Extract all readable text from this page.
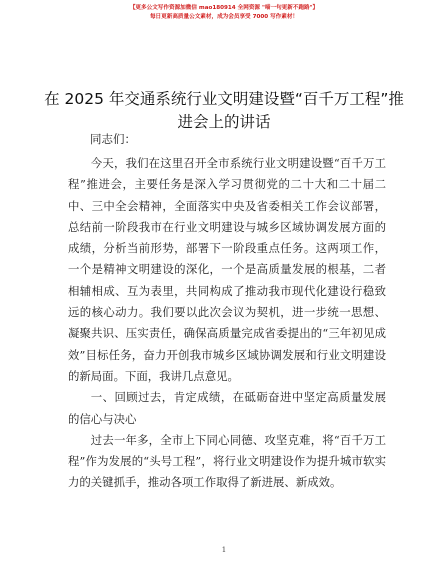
【更多公文写作资源加微信 mao180914 全网资源 "喵一句更新不跑路"】
每日更新高质量公文素材，成为会员享受 7000 写作素材！
在 2025 年交通系统行业文明建设暨“百千万工程”推进会上的讲话
同志们：

今天，我们在这里召开全市系统行业文明建设暨“百千万工程”推进会，主要任务是深入学习贯彻党的二十大和二十届二中、三中全会精神，全面落实中央及省委相关工作会议部署，总结前一阶段我市在行业文明建设与城乡区域协调发展方面的成绩，分析当前形势，部署下一阶段重点任务。这两项工作，一个是精神文明建设的深化，一个是高质量发展的根基，二者相辅相成、互为表里，共同构成了推动我市现代化建设行稳致远的核心动力。我们要以此次会议为契机，进一步统一思想、凝聚共识、压实责任，确保高质量完成省委提出的“三年初见成效”目标任务，奋力开创我市城乡区域协调发展和行业文明建设的新局面。下面，我讲几点意见。

一、回顾过去，肯定成绩，在砥砺奋进中坚定高质量发展的信心与决心

过去一年多，全市上下同心同德、攻坚克难，将“百千万工程”作为发展的“头号工程”，将行业文明建设作为提升城市软实力的关键抓手，推动各项工作取得了新进展、新成效。

1
